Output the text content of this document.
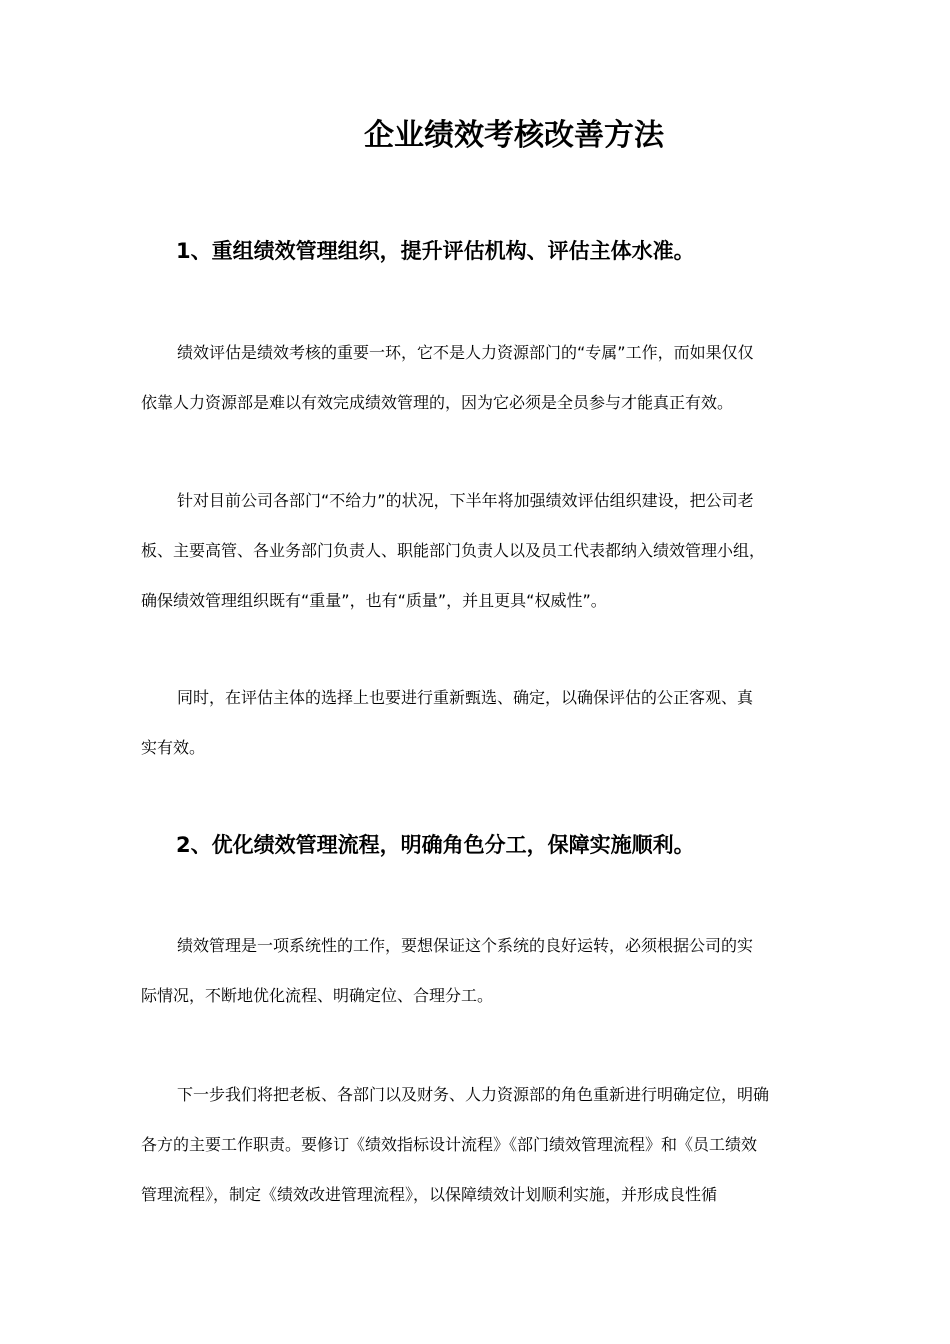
企业绩效考核改善方法
1、重组绩效管理组织，提升评估机构、评估主体水准。

绩效评估是绩效考核的重要一环，它不是人力资源部门的“专属”工作，而如果仅仅
依靠人力资源部是难以有效完成绩效管理的，因为它必须是全员参与才能真正有效。

针对目前公司各部门“不给力”的状况，下半年将加强绩效评估组织建设，把公司老
板、主要高管、各业务部门负责人、职能部门负责人以及员工代表都纳入绩效管理小组，
确保绩效管理组织既有“重量”，也有“质量”，并且更具“权威性”。

同时，在评估主体的选择上也要进行重新甄选、确定，以确保评估的公正客观、真
实有效。

2、优化绩效管理流程，明确角色分工，保障实施顺利。

绩效管理是一项系统性的工作，要想保证这个系统的良好运转，必须根据公司的实
际情况，不断地优化流程、明确定位、合理分工。

下一步我们将把老板、各部门以及财务、人力资源部的角色重新进行明确定位，明确
各方的主要工作职责。要修订《绩效指标设计流程》《部门绩效管理流程》和《员工绩效
管理流程》，制定《绩效改进管理流程》，以保障绩效计划顺利实施，并形成良性循
